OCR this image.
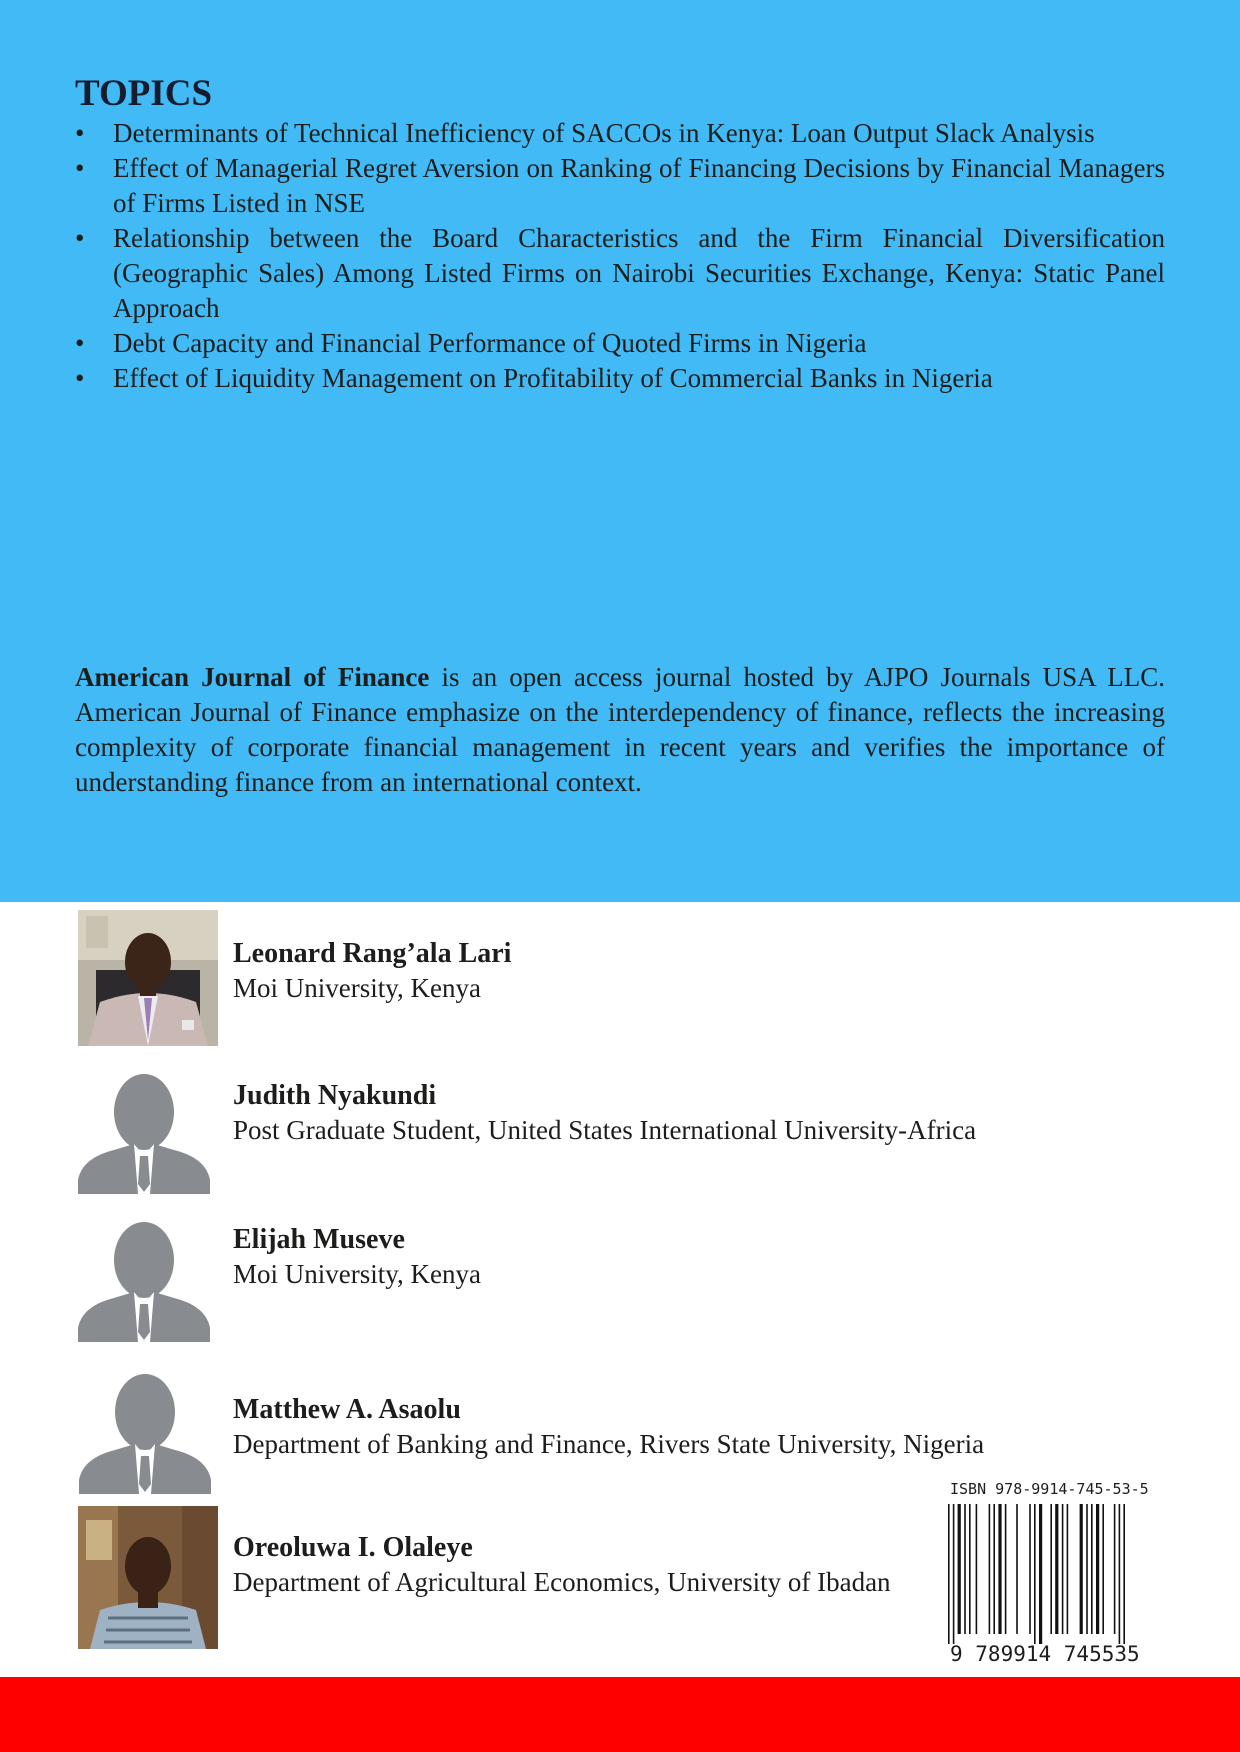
TOPICS
• Determinants of Technical Inefficiency of SACCOs in Kenya: Loan Output Slack Analysis
• Effect of Managerial Regret Aversion on Ranking of Financing Decisions by Financial Managers of Firms Listed in NSE
• Relationship between the Board Characteristics and the Firm Financial Diversification (Geographic Sales) Among Listed Firms on Nairobi Securities Exchange, Kenya: Static Panel Approach
• Debt Capacity and Financial Performance of Quoted Firms in Nigeria
• Effect of Liquidity Management on Profitability of Commercial Banks in Nigeria

American Journal of Finance is an open access journal hosted by AJPO Journals USA LLC. American Journal of Finance emphasize on the interdependency of finance, reflects the increasing complexity of corporate financial management in recent years and verifies the importance of understanding finance from an international context.

Leonard Rang’ala Lari
Moi University, Kenya
Judith Nyakundi
Post Graduate Student, United States International University-Africa
Elijah Museve
Moi University, Kenya
Matthew A. Asaolu
Department of Banking and Finance, Rivers State University, Nigeria
Oreoluwa I. Olaleye
Department of Agricultural Economics, University of Ibadan
ISBN 978-9914-745-53-5
9 789914 745535
